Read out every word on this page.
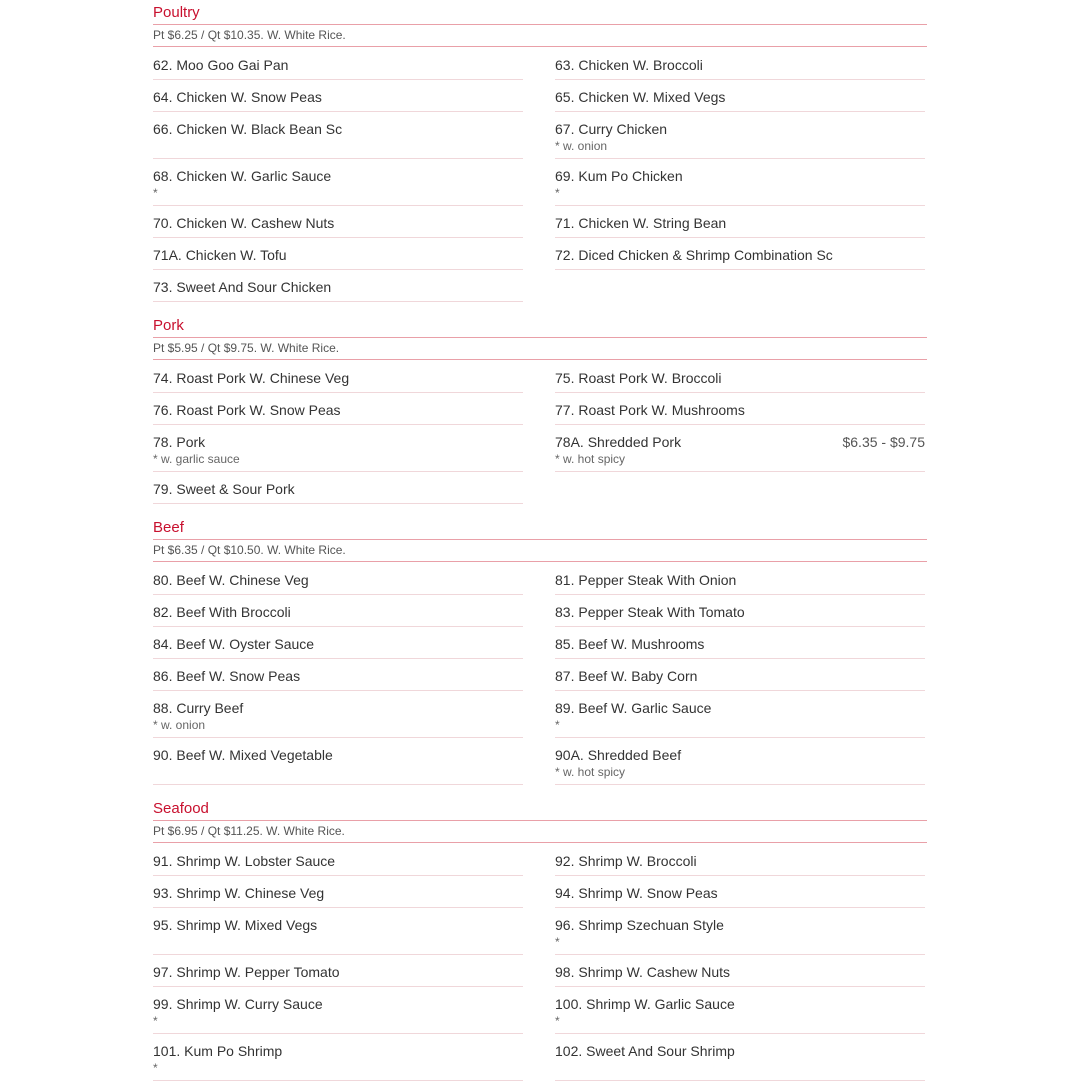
Poultry
Pt $6.25 / Qt $10.35. W. White Rice.
62. Moo Goo Gai Pan	63. Chicken W. Broccoli
64. Chicken W. Snow Peas	65. Chicken W. Mixed Vegs
66. Chicken W. Black Bean Sc	67. Curry Chicken
* w. onion
68. Chicken W. Garlic Sauce
*
69. Kum Po Chicken
*
70. Chicken W. Cashew Nuts	71. Chicken W. String Bean
71A. Chicken W. Tofu	72. Diced Chicken & Shrimp Combination Sc
73. Sweet And Sour Chicken
Pork
Pt $5.95 / Qt $9.75. W. White Rice.
74. Roast Pork W. Chinese Veg	75. Roast Pork W. Broccoli
76. Roast Pork W. Snow Peas	77. Roast Pork W. Mushrooms
78. Pork
* w. garlic sauce
78A. Shredded Pork	$6.35 - $9.75
* w. hot spicy
79. Sweet & Sour Pork
Beef
Pt $6.35 / Qt $10.50. W. White Rice.
80. Beef W. Chinese Veg	81. Pepper Steak With Onion
82. Beef With Broccoli	83. Pepper Steak With Tomato
84. Beef W. Oyster Sauce	85. Beef W. Mushrooms
86. Beef W. Snow Peas	87. Beef W. Baby Corn
88. Curry Beef
* w. onion
89. Beef W. Garlic Sauce
*
90. Beef W. Mixed Vegetable	90A. Shredded Beef
* w. hot spicy
Seafood
Pt $6.95 / Qt $11.25. W. White Rice.
91. Shrimp W. Lobster Sauce	92. Shrimp W. Broccoli
93. Shrimp W. Chinese Veg	94. Shrimp W. Snow Peas
95. Shrimp W. Mixed Vegs	96. Shrimp Szechuan Style
*
97. Shrimp W. Pepper Tomato	98. Shrimp W. Cashew Nuts
99. Shrimp W. Curry Sauce
*
100. Shrimp W. Garlic Sauce
*
101. Kum Po Shrimp
*
102. Sweet And Sour Shrimp
